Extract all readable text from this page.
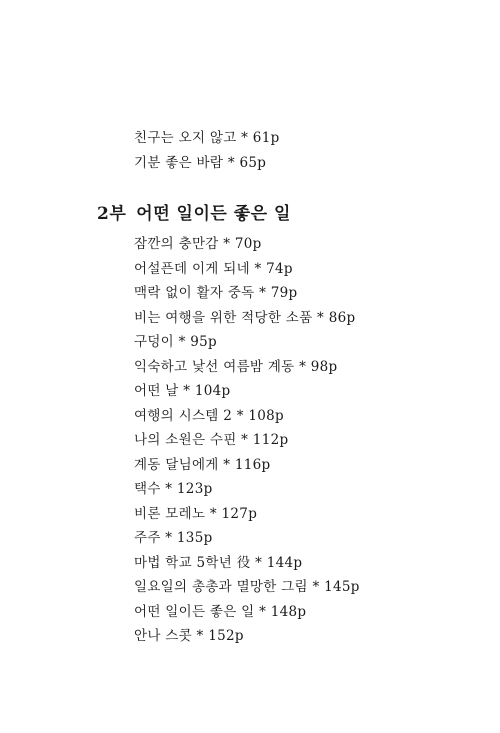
친구는 오지 않고 * 61p
기분 좋은 바람 * 65p
2부 어떤 일이든 좋은 일
잠깐의 충만감 * 70p
어설픈데 이게 되네 * 74p
맥락 없이 활자 중독 * 79p
비는 여행을 위한 적당한 소품 * 86p
구덩이 * 95p
익숙하고 낯선 여름밤 계동 * 98p
어떤 날 * 104p
여행의 시스템 2 * 108p
나의 소원은 수핀 * 112p
계동 달님에게 * 116p
택수 * 123p
비론 모레노 * 127p
주주 * 135p
마법 학교 5학년 役 * 144p
일요일의 총총과 멸망한 그림 * 145p
어떤 일이든 좋은 일 * 148p
안나 스콧 * 152p
